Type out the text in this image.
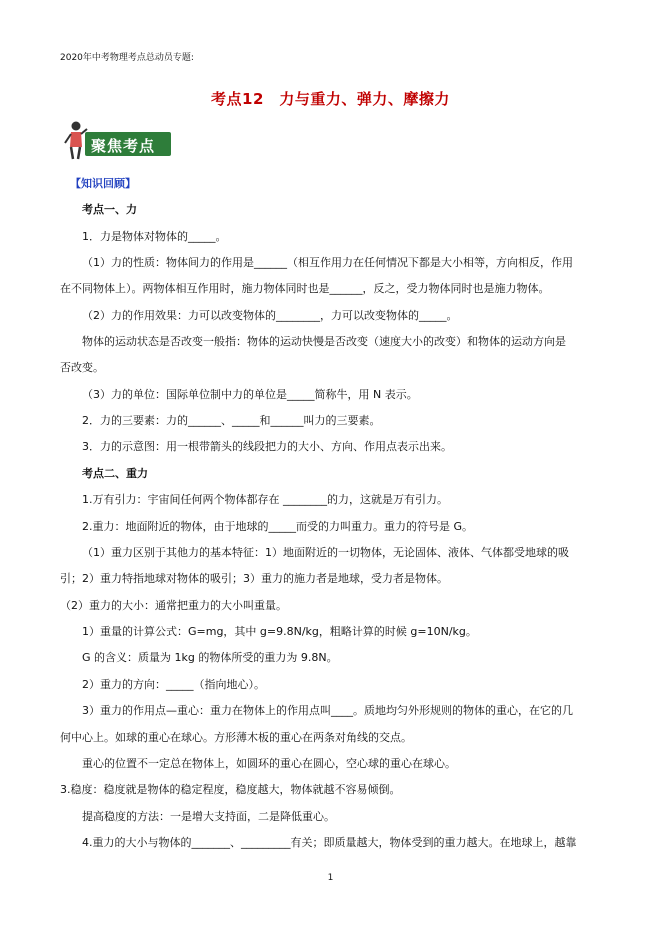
2020年中考物理考点总动员专题:
考点12　力与重力、弹力、摩擦力
聚焦考点
【知识回顾】
考点一、力
1．力是物体对物体的_____。
（1）力的性质：物体间力的作用是______（相互作用力在任何情况下都是大小相等，方向相反，作用
在不同物体上）。两物体相互作用时，施力物体同时也是______，反之，受力物体同时也是施力物体。
（2）力的作用效果：力可以改变物体的________，力可以改变物体的_____。
物体的运动状态是否改变一般指：物体的运动快慢是否改变（速度大小的改变）和物体的运动方向是
否改变。
（3）力的单位：国际单位制中力的单位是_____简称牛，用 N 表示。
2．力的三要素：力的______、_____和______叫力的三要素。
3．力的示意图：用一根带箭头的线段把力的大小、方向、作用点表示出来。
考点二、重力
1.万有引力：宇宙间任何两个物体都存在 ________的力，这就是万有引力。
2.重力：地面附近的物体，由于地球的_____而受的力叫重力。重力的符号是 G。
（1）重力区别于其他力的基本特征：1）地面附近的一切物体，无论固体、液体、气体都受地球的吸
引；2）重力特指地球对物体的吸引；3）重力的施力者是地球，受力者是物体。
（2）重力的大小：通常把重力的大小叫重量。
1）重量的计算公式：G=mg，其中 g=9.8N/kg，粗略计算的时候 g=10N/kg。
G 的含义：质量为 1kg 的物体所受的重力为 9.8N。
2）重力的方向：_____（指向地心）。
3）重力的作用点—重心：重力在物体上的作用点叫____。质地均匀外形规则的物体的重心，在它的几
何中心上。如球的重心在球心。方形薄木板的重心在两条对角线的交点。
重心的位置不一定总在物体上，如圆环的重心在圆心，空心球的重心在球心。
3.稳度：稳度就是物体的稳定程度，稳度越大，物体就越不容易倾倒。
提高稳度的方法：一是增大支持面，二是降低重心。
4.重力的大小与物体的_______、_________有关；即质量越大，物体受到的重力越大。在地球上，越靠
1
